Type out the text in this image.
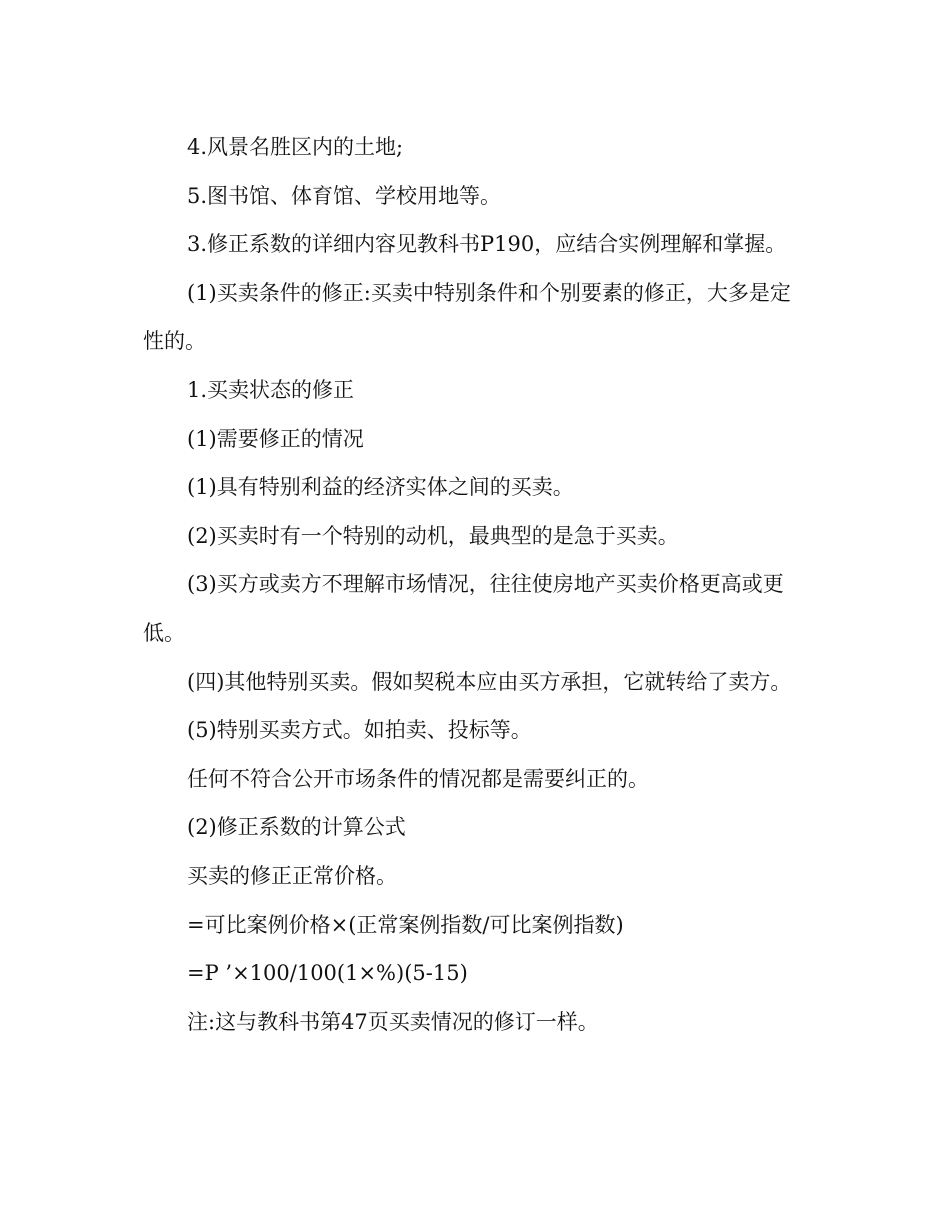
4.风景名胜区内的土地;

5.图书馆、体育馆、学校用地等。

3.修正系数的详细内容见教科书P190，应结合实例理解和掌握。

(1)买卖条件的修正:买卖中特别条件和个别要素的修正，大多是定性的。

1.买卖状态的修正

(1)需要修正的情况

(1)具有特别利益的经济实体之间的买卖。

(2)买卖时有一个特别的动机，最典型的是急于买卖。

(3)买方或卖方不理解市场情况，往往使房地产买卖价格更高或更低。

(四)其他特别买卖。假如契税本应由买方承担，它就转给了卖方。

(5)特别买卖方式。如拍卖、投标等。

任何不符合公开市场条件的情况都是需要纠正的。

(2)修正系数的计算公式

买卖的修正正常价格。

=可比案例价格×(正常案例指数/可比案例指数)

=P ’×100/100(1×%)(5-15)

注:这与教科书第47页买卖情况的修订一样。
